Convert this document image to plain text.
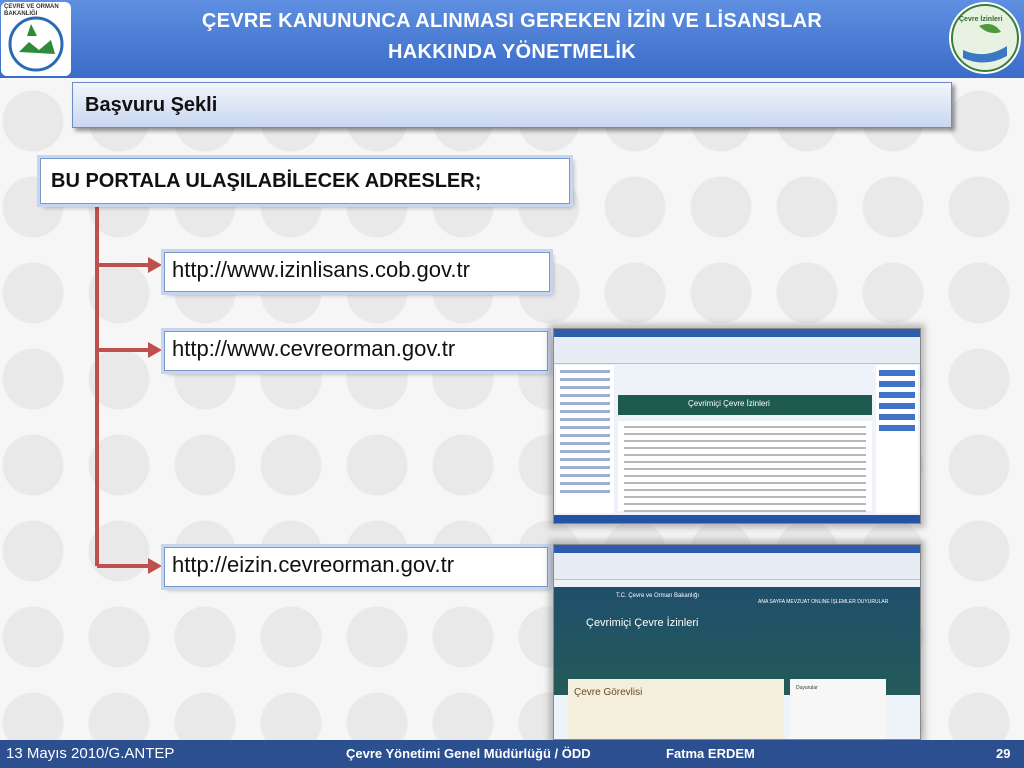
ÇEVRE VE ORMAN BAKANLIĞI	ÇEVRE KANUNUNCA ALINMASI GEREKEN İZİN VE LİSANSLAR
HAKKINDA YÖNETMELİK
Çevre İzinleri
Başvuru Şekli
BU PORTALA ULAŞILABİLECEK ADRESLER;
http://www.izinlisans.cob.gov.tr
http://www.cevreorman.gov.tr
http://eizin.cevreorman.gov.tr
Çevrimiçi Çevre İzinleri
T.C. Çevre ve Orman Bakanlığı
ANA SAYFA MEVZUAT ONLINE İŞLEMLER DUYURULAR
Çevrimiçi Çevre İzinleri
Çevre Görevlisi	Duyurular
13 Mayıs 2010/G.ANTEP	Çevre Yönetimi Genel Müdürlüğü / ÖDD	Fatma ERDEM	29
